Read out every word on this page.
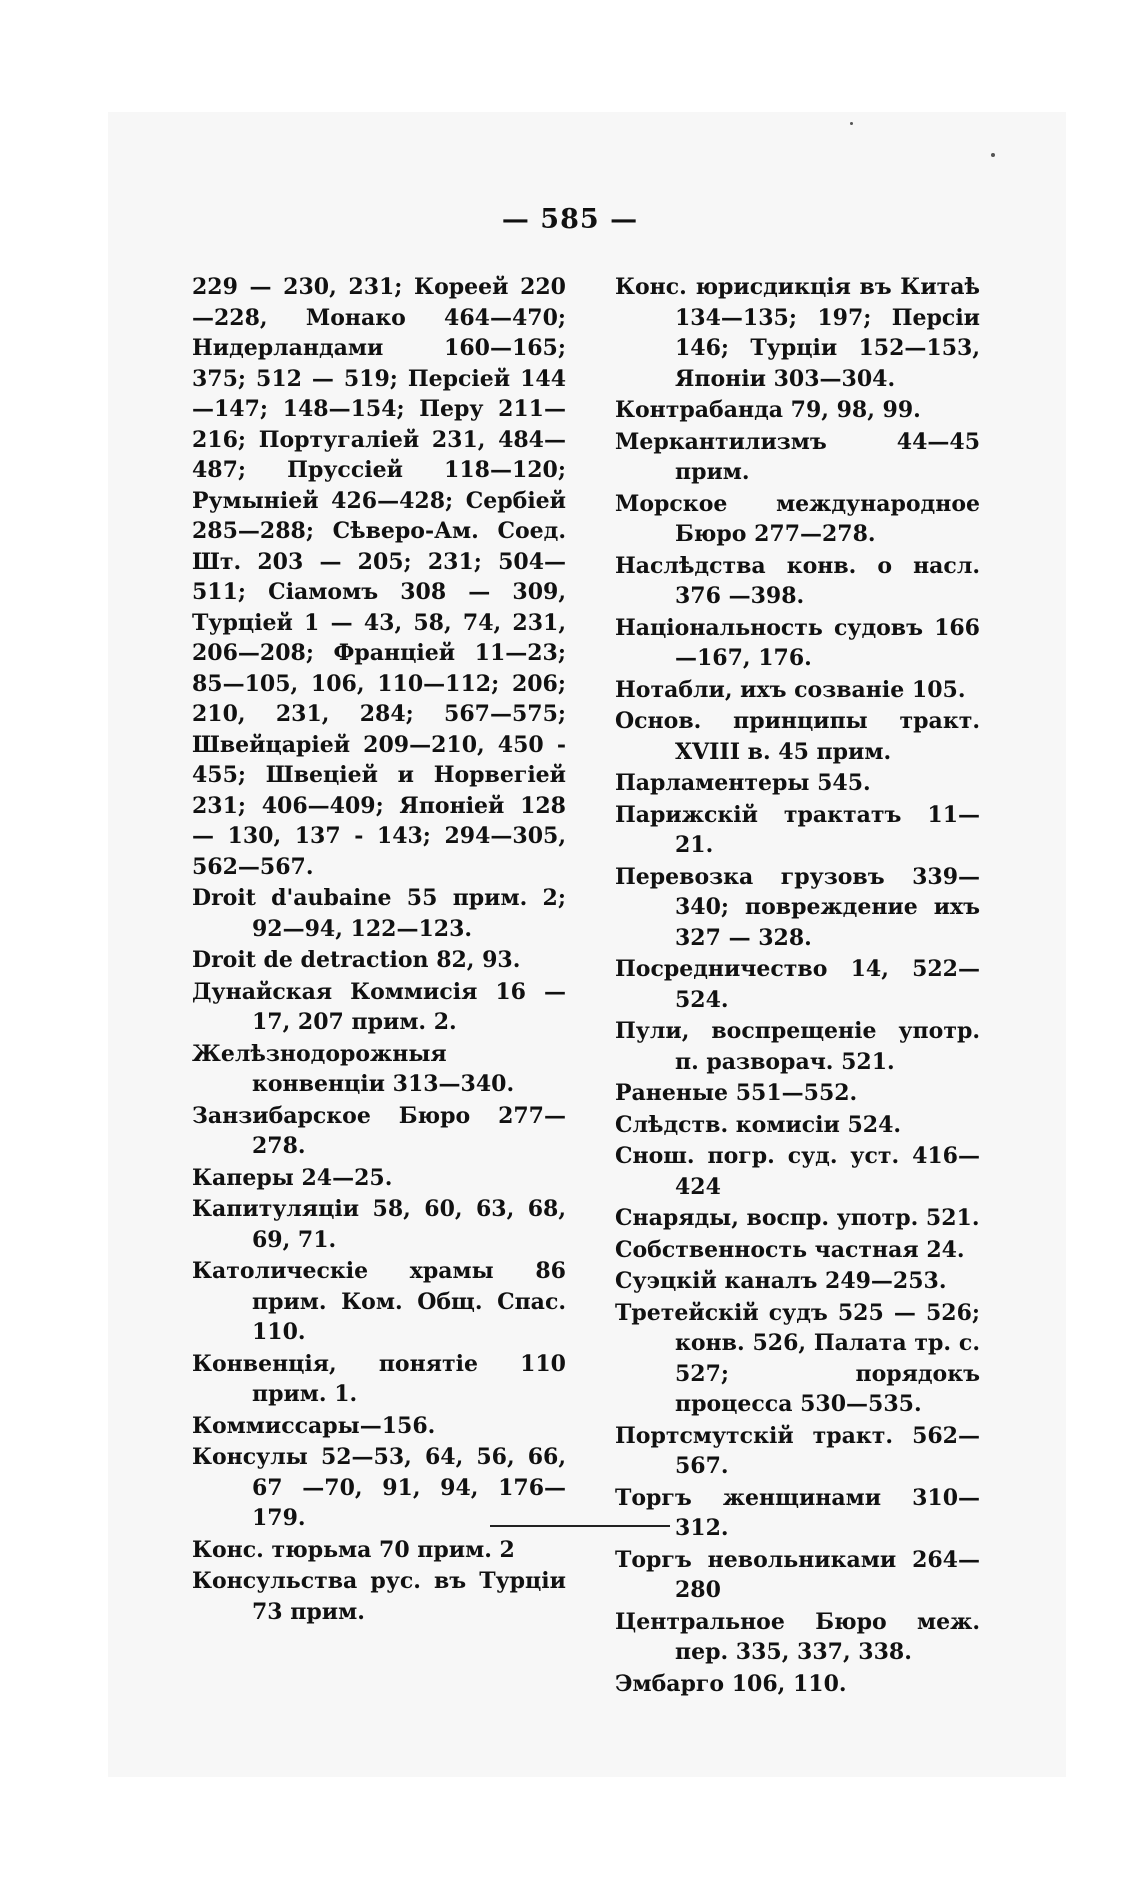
— 585 —

229 — 230, 231; Кореей 220—228, Монако 464—470; Нидерландами 160—165; 375; 512 — 519; Персіей 144—147; 148—154; Перу 211—216; Португаліей 231, 484—487; Пруссіей 118—120; Румыніей 426—428; Сербіей 285—288; Сѣверо-Ам. Соед. Шт. 203 — 205; 231; 504—511; Сіамомъ 308 — 309, Турціей 1 — 43, 58, 74, 231, 206—208; Франціей 11—23; 85—105, 106, 110—112; 206; 210, 231, 284; 567—575; Швейцаріей 209—210, 450 - 455; Швеціей и Норвегіей 231; 406—409; Японіей 128 — 130, 137 - 143; 294—305, 562—567.

Droit d'aubaine 55 прим. 2; 92—94, 122—123.

Droit de detraction 82, 93.

Дунайская Коммисія 16 — 17, 207 прим. 2.

Желѣзнодорожныя конвенціи 313—340.

Занзибарское Бюро 277—278.

Каперы 24—25.

Капитуляціи 58, 60, 63, 68, 69, 71.

Католическіе храмы 86 прим. Ком. Общ. Спас. 110.

Конвенція, понятіе 110 прим. 1.

Коммиссары—156.

Консулы 52—53, 64, 56, 66, 67 —70, 91, 94, 176—179.

Конс. тюрьма 70 прим. 2

Консульства рус. въ Турціи 73 прим.

Конс. юрисдикція въ Китаѣ 134—135; 197; Персіи 146; Турціи 152—153, Японіи 303—304.

Контрабанда 79, 98, 99.

Меркантилизмъ 44—45 прим.

Морское международное Бюро 277—278.

Наслѣдства конв. о насл. 376 —398.

Національность судовъ 166—167, 176.

Нотабли, ихъ созваніе 105.

Основ. принципы тракт. XVIII в. 45 прим.

Парламентеры 545.

Парижскій трактатъ 11—21.

Перевозка грузовъ 339—340; повреждение ихъ 327 — 328.

Посредничество 14, 522—524.

Пули, воспрещеніе употр. п. разворач. 521.

Раненые 551—552.

Слѣдств. комисіи 524.

Снош. погр. суд. уст. 416—424

Снаряды, воспр. употр. 521.

Собственность частная 24.

Суэцкій каналъ 249—253.

Третейскій судъ 525 — 526; конв. 526, Палата тр. с. 527; порядокъ процесса 530—535.

Портсмутскій тракт. 562—567.

Торгъ женщинами 310—312.

Торгъ невольниками 264—280

Центральное Бюро меж. пер. 335, 337, 338.

Эмбарго 106, 110.
